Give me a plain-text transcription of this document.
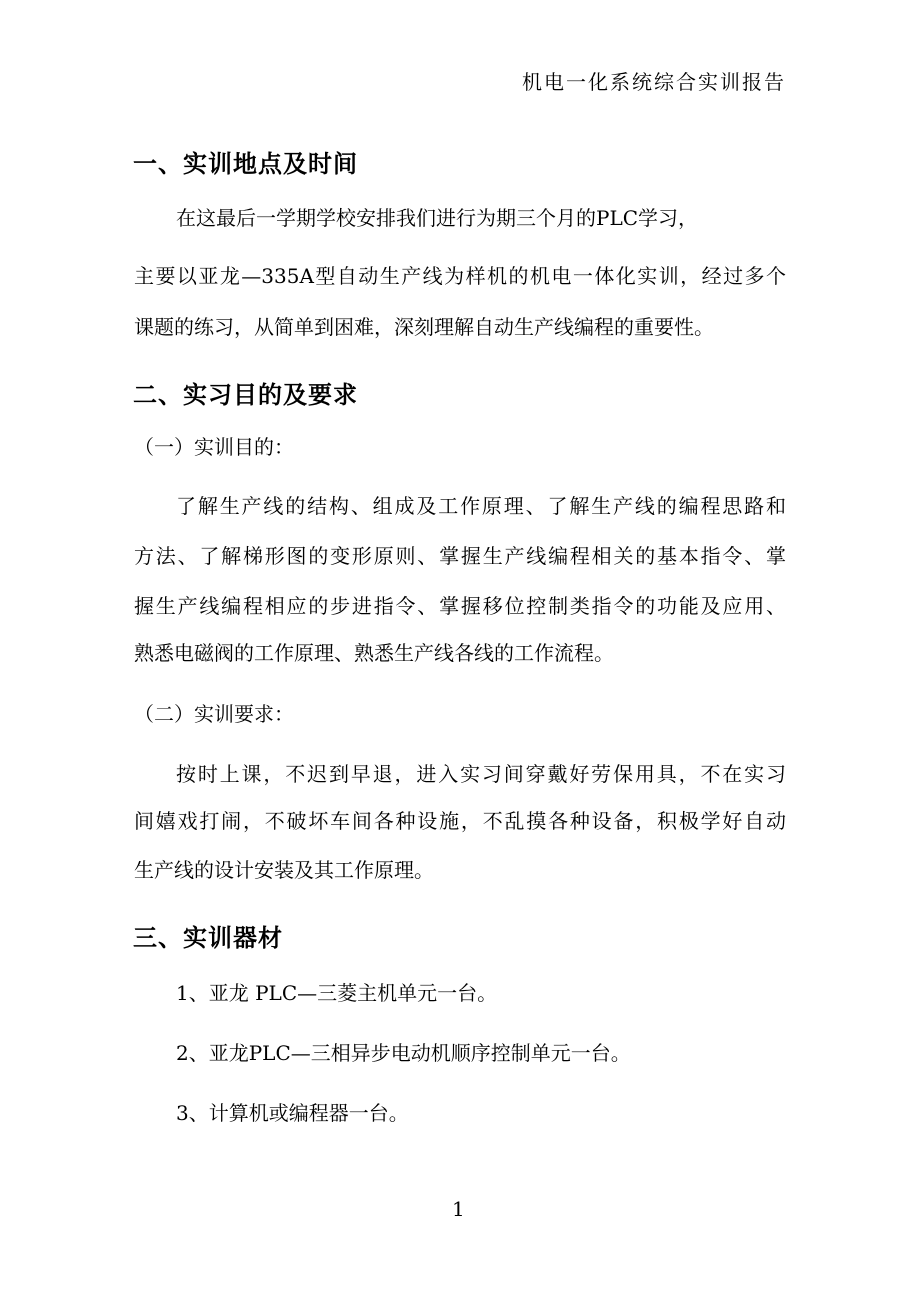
机电一化系统综合实训报告
一、实训地点及时间
在这最后一学期学校安排我们进行为期三个月的PLC学习，
主要以亚龙—335A型自动生产线为样机的机电一体化实训，经过多个
课题的练习，从简单到困难，深刻理解自动生产线编程的重要性。
二、实习目的及要求
（一）实训目的：
了解生产线的结构、组成及工作原理、了解生产线的编程思路和
方法、了解梯形图的变形原则、掌握生产线编程相关的基本指令、掌
握生产线编程相应的步进指令、掌握移位控制类指令的功能及应用、
熟悉电磁阀的工作原理、熟悉生产线各线的工作流程。
（二）实训要求：
按时上课，不迟到早退，进入实习间穿戴好劳保用具，不在实习
间嬉戏打闹，不破坏车间各种设施，不乱摸各种设备，积极学好自动
生产线的设计安装及其工作原理。
三、实训器材
1、亚龙 PLC—三菱主机单元一台。
2、亚龙PLC—三相异步电动机顺序控制单元一台。
3、计算机或编程器一台。
1
